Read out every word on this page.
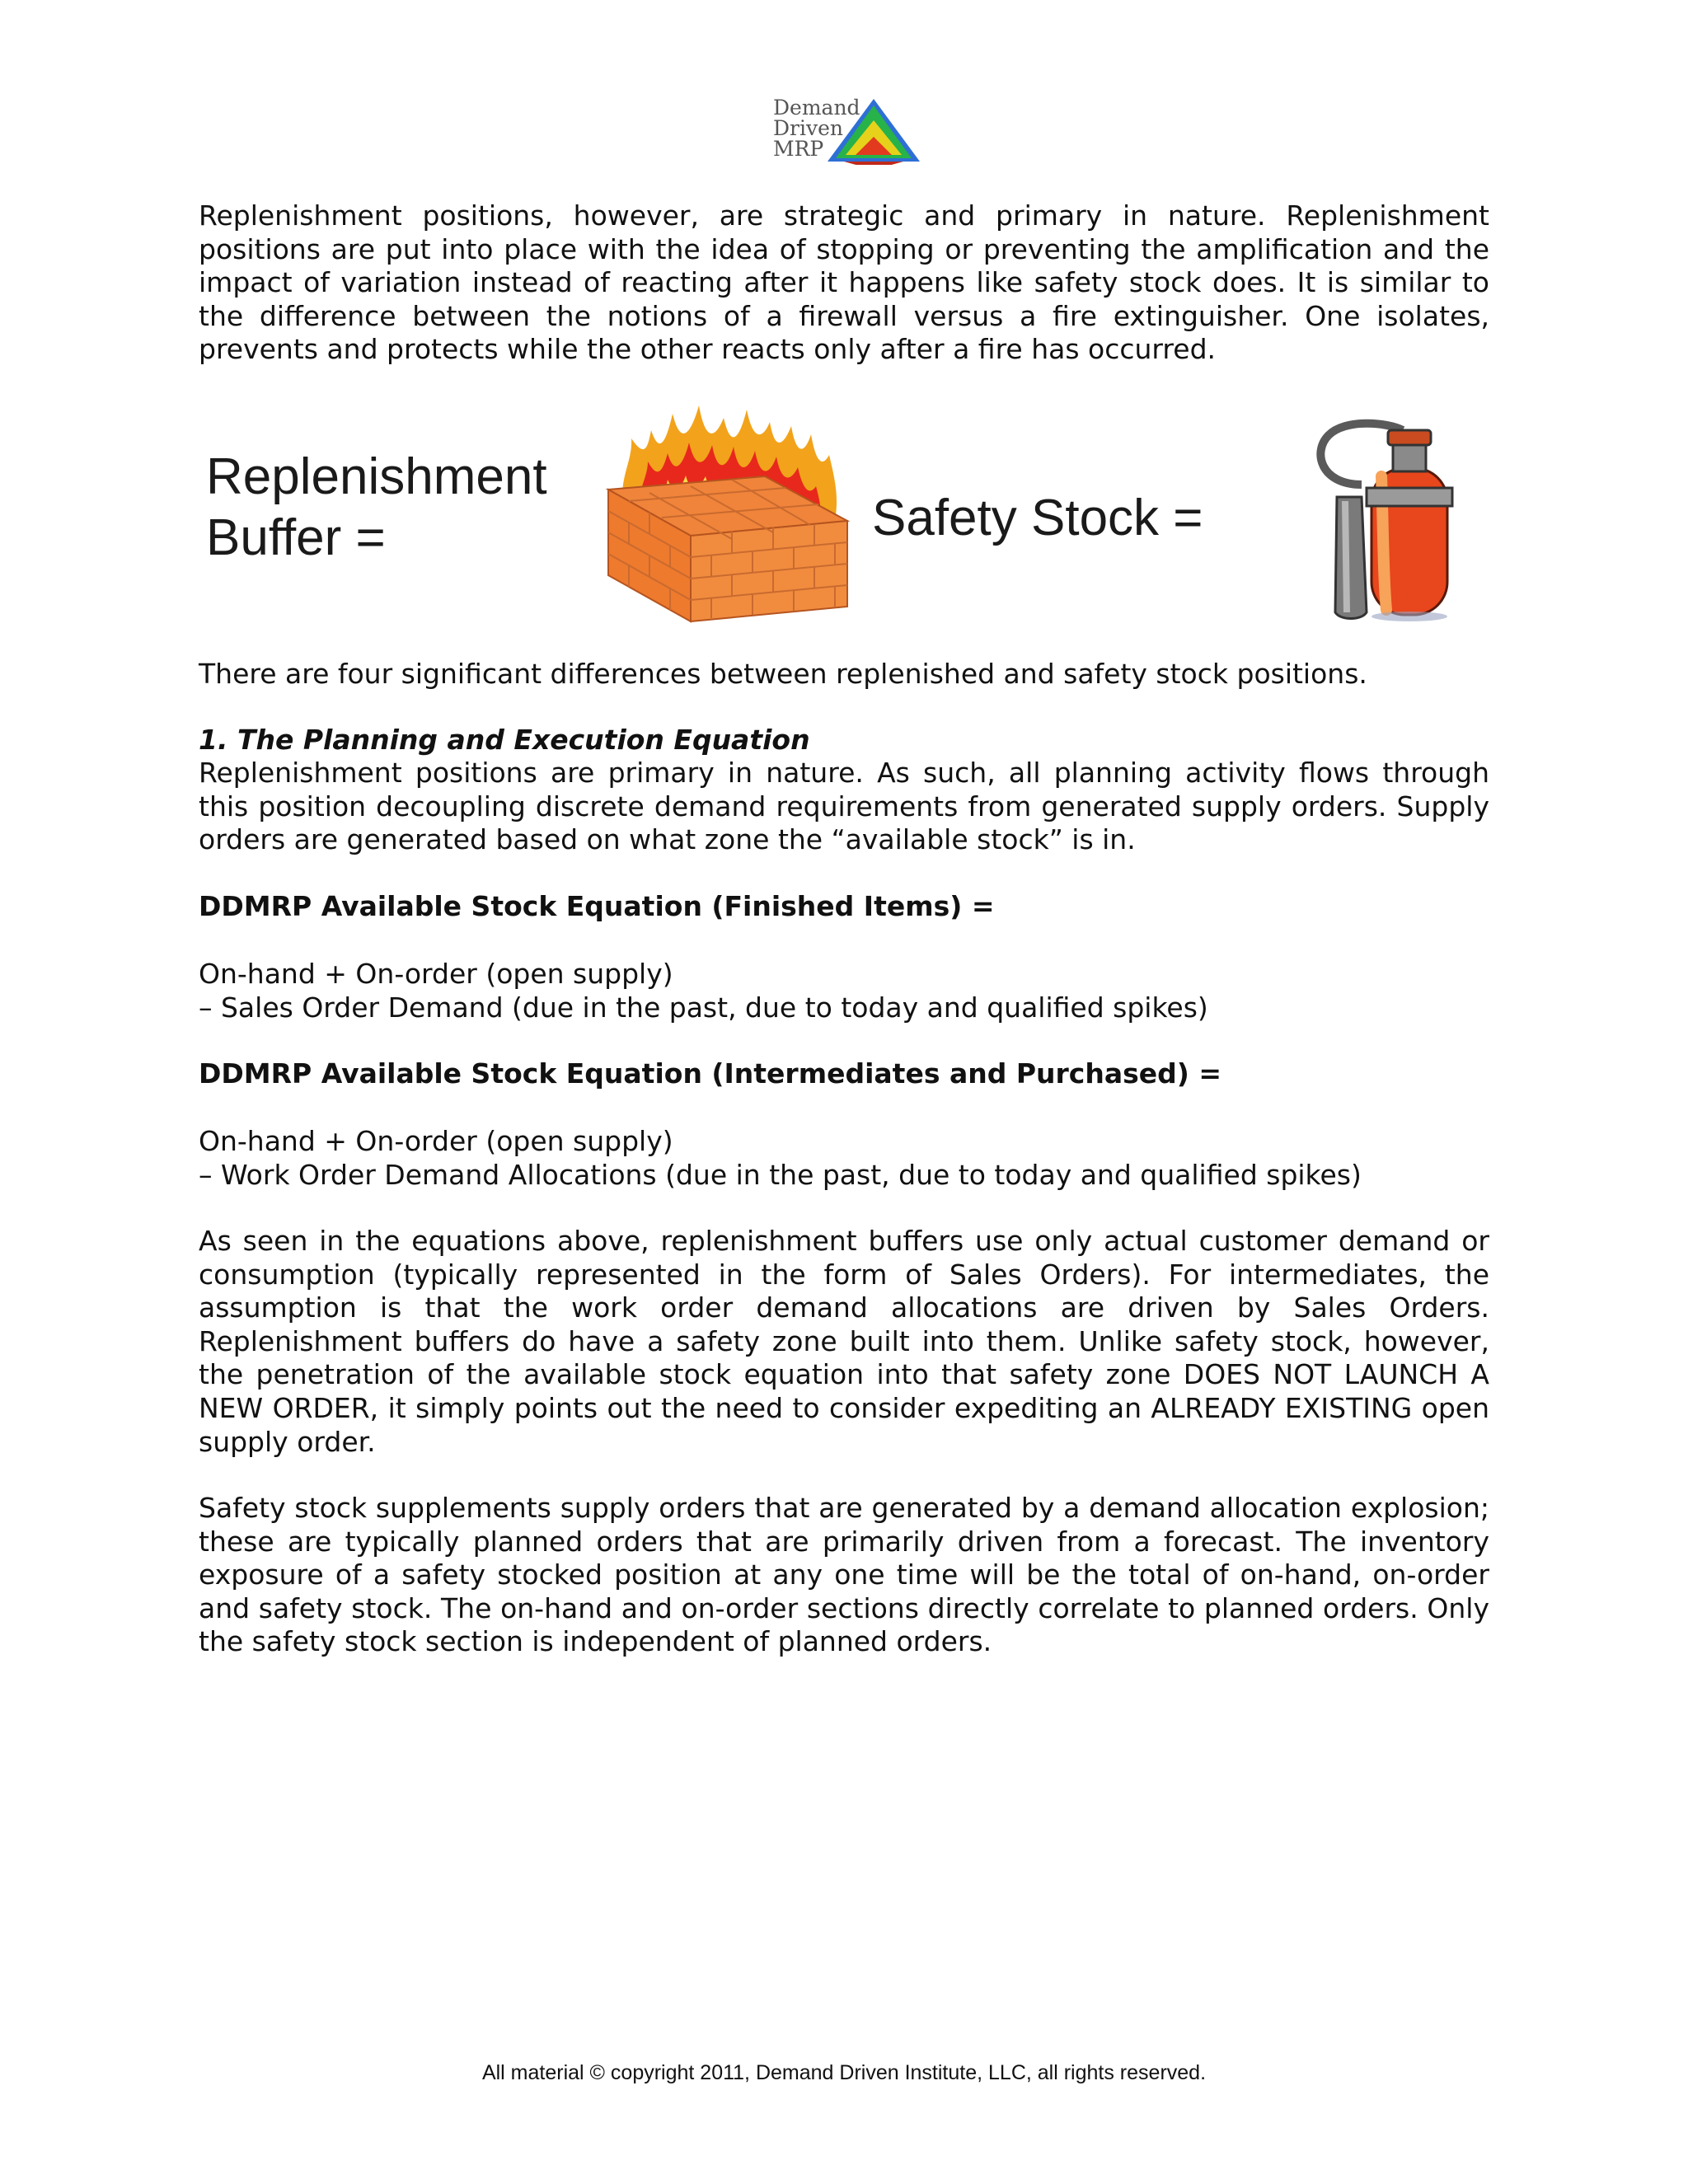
Demand
Driven
MRP
Replenishment positions, however, are strategic and primary in nature. Replenishment positions are put into place with the idea of stopping or preventing the amplification and the impact of variation instead of reacting after it happens like safety stock does. It is similar to the difference between the notions of a firewall versus a fire extinguisher. One isolates, prevents and protects while the other reacts only after a fire has occurred.
Replenishment
Buffer =	Safety Stock =
There are four significant differences between replenished and safety stock positions.
1. The Planning and Execution Equation
Replenishment positions are primary in nature. As such, all planning activity flows through this position decoupling discrete demand requirements from generated supply orders. Supply orders are generated based on what zone the “available stock” is in.
DDMRP Available Stock Equation (Finished Items) =
On-hand + On-order (open supply)
– Sales Order Demand (due in the past, due to today and qualified spikes)
DDMRP Available Stock Equation (Intermediates and Purchased) =
On-hand + On-order (open supply)
– Work Order Demand Allocations (due in the past, due to today and qualified spikes)
As seen in the equations above, replenishment buffers use only actual customer demand or consumption (typically represented in the form of Sales Orders). For intermediates, the assumption is that the work order demand allocations are driven by Sales Orders. Replenishment buffers do have a safety zone built into them. Unlike safety stock, however, the penetration of the available stock equation into that safety zone DOES NOT LAUNCH A NEW ORDER, it simply points out the need to consider expediting an ALREADY EXISTING open supply order.
Safety stock supplements supply orders that are generated by a demand allocation explosion; these are typically planned orders that are primarily driven from a forecast. The inventory exposure of a safety stocked position at any one time will be the total of on-hand, on-order and safety stock. The on-hand and on-order sections directly correlate to planned orders. Only the safety stock section is independent of planned orders.
All material © copyright 2011, Demand Driven Institute, LLC, all rights reserved.
